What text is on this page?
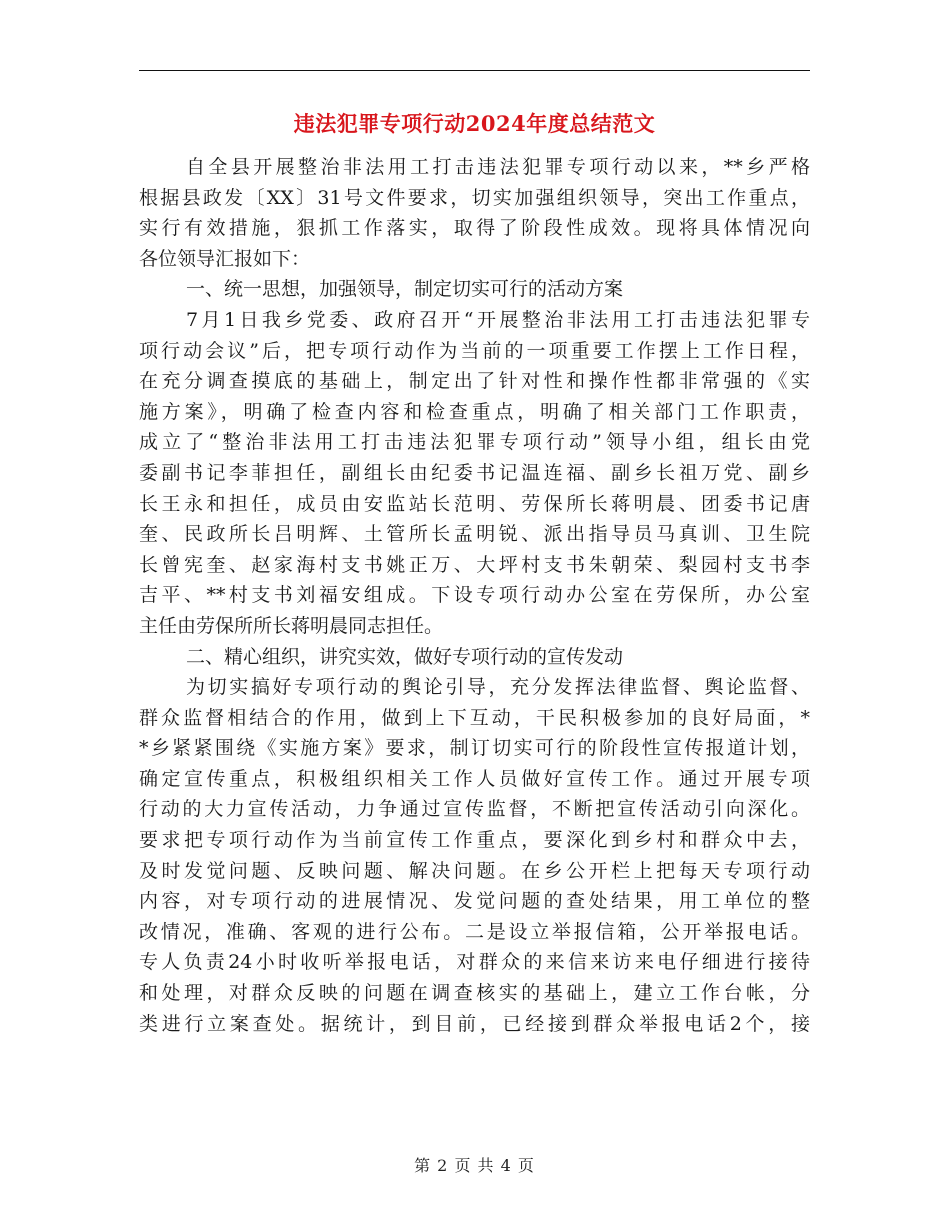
违法犯罪专项行动2024年度总结范文
自全县开展整治非法用工打击违法犯罪专项行动以来，**乡严格
根据县政发〔XX〕31号文件要求，切实加强组织领导，突出工作重点，
实行有效措施，狠抓工作落实，取得了阶段性成效。现将具体情况向
各位领导汇报如下：
一、统一思想，加强领导，制定切实可行的活动方案
7月1日我乡党委、政府召开“开展整治非法用工打击违法犯罪专
项行动会议”后，把专项行动作为当前的一项重要工作摆上工作日程，
在充分调查摸底的基础上，制定出了针对性和操作性都非常强的《实
施方案》，明确了检查内容和检查重点，明确了相关部门工作职责，
成立了“整治非法用工打击违法犯罪专项行动”领导小组，组长由党
委副书记李菲担任，副组长由纪委书记温连福、副乡长祖万党、副乡
长王永和担任，成员由安监站长范明、劳保所长蒋明晨、团委书记唐
奎、民政所长吕明辉、土管所长孟明锐、派出指导员马真训、卫生院
长曾宪奎、赵家海村支书姚正万、大坪村支书朱朝荣、梨园村支书李
吉平、**村支书刘福安组成。下设专项行动办公室在劳保所，办公室
主任由劳保所所长蒋明晨同志担任。
二、精心组织，讲究实效，做好专项行动的宣传发动
为切实搞好专项行动的舆论引导，充分发挥法律监督、舆论监督、
群众监督相结合的作用，做到上下互动，干民积极参加的良好局面，*
*乡紧紧围绕《实施方案》要求，制订切实可行的阶段性宣传报道计划，
确定宣传重点，积极组织相关工作人员做好宣传工作。通过开展专项
行动的大力宣传活动，力争通过宣传监督，不断把宣传活动引向深化。
要求把专项行动作为当前宣传工作重点，要深化到乡村和群众中去，
及时发觉问题、反映问题、解决问题。在乡公开栏上把每天专项行动
内容，对专项行动的进展情况、发觉问题的查处结果，用工单位的整
改情况，准确、客观的进行公布。二是设立举报信箱，公开举报电话。
专人负责24小时收听举报电话，对群众的来信来访来电仔细进行接待
和处理，对群众反映的问题在调查核实的基础上，建立工作台帐，分
类进行立案查处。据统计，到目前，已经接到群众举报电话2个，接
第 2 页 共 4 页
